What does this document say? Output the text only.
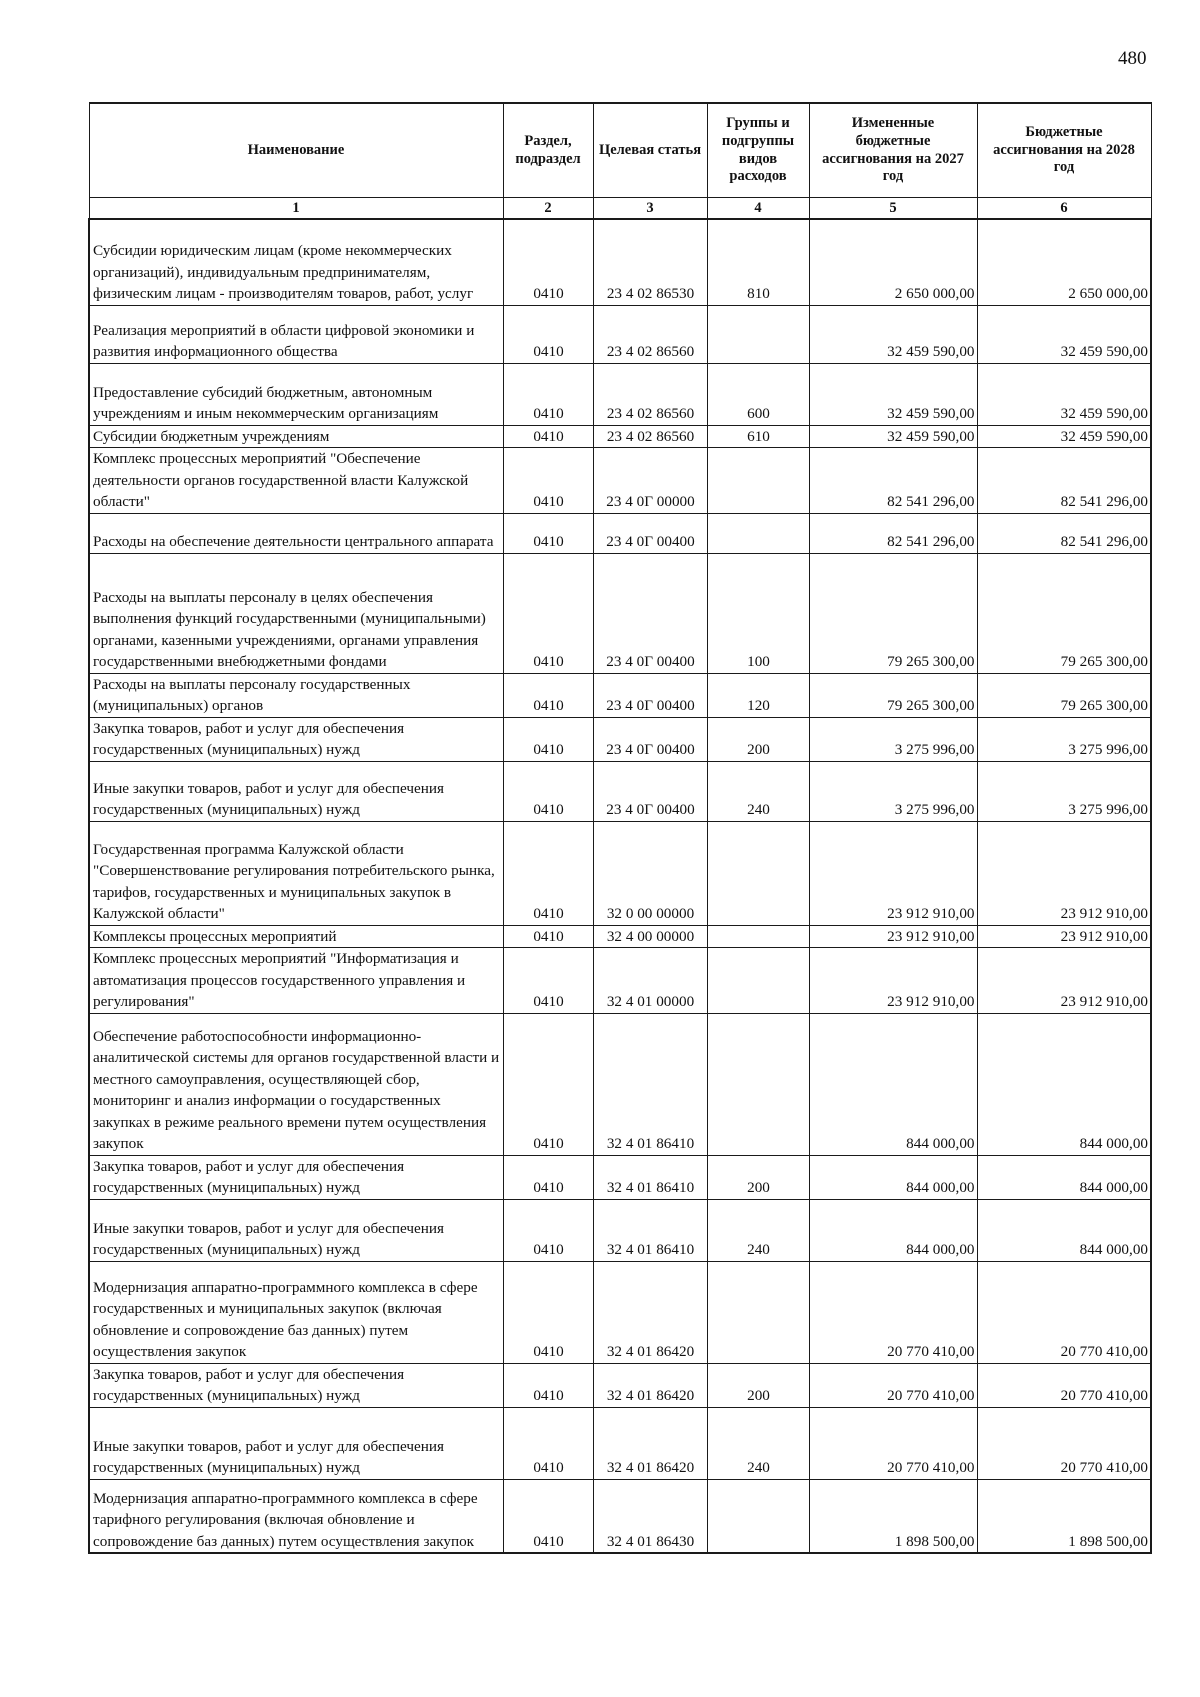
480
Наименование	Раздел, подраздел	Целевая статья	Группы и подгруппы видов расходов	Измененные бюджетные ассигнования на 2027 год	Бюджетные ассигнования на 2028 год
1	2	3	4	5	6
Субсидии юридическим лицам (кроме некоммерческих организаций), индивидуальным предпринимателям, физическим лицам - производителям товаров, работ, услуг	0410	23 4 02 86530	810	2 650 000,00	2 650 000,00
Реализация мероприятий в области цифровой экономики и развития информационного общества	0410	23 4 02 86560		32 459 590,00	32 459 590,00
Предоставление субсидий бюджетным, автономным учреждениям и иным некоммерческим организациям	0410	23 4 02 86560	600	32 459 590,00	32 459 590,00
Субсидии бюджетным учреждениям	0410	23 4 02 86560	610	32 459 590,00	32 459 590,00
Комплекс процессных мероприятий "Обеспечение деятельности органов государственной власти Калужской области"	0410	23 4 0Г 00000		82 541 296,00	82 541 296,00
Расходы на обеспечение деятельности центрального аппарата	0410	23 4 0Г 00400		82 541 296,00	82 541 296,00
Расходы на выплаты персоналу в целях обеспечения выполнения функций государственными (муниципальными) органами, казенными учреждениями, органами управления государственными внебюджетными фондами	0410	23 4 0Г 00400	100	79 265 300,00	79 265 300,00
Расходы на выплаты персоналу государственных (муниципальных) органов	0410	23 4 0Г 00400	120	79 265 300,00	79 265 300,00
Закупка товаров, работ и услуг для обеспечения государственных (муниципальных) нужд	0410	23 4 0Г 00400	200	3 275 996,00	3 275 996,00
Иные закупки товаров, работ и услуг для обеспечения государственных (муниципальных) нужд	0410	23 4 0Г 00400	240	3 275 996,00	3 275 996,00
Государственная программа Калужской области "Совершенствование регулирования потребительского рынка, тарифов, государственных и муниципальных закупок в Калужской области"	0410	32 0 00 00000		23 912 910,00	23 912 910,00
Комплексы процессных мероприятий	0410	32 4 00 00000		23 912 910,00	23 912 910,00
Комплекс процессных мероприятий "Информатизация и автоматизация процессов государственного управления и регулирования"	0410	32 4 01 00000		23 912 910,00	23 912 910,00
Обеспечение работоспособности информационно-аналитической системы для органов государственной власти и местного самоуправления, осуществляющей сбор, мониторинг и анализ информации о государственных закупках в режиме реального времени путем осуществления закупок	0410	32 4 01 86410		844 000,00	844 000,00
Закупка товаров, работ и услуг для обеспечения государственных (муниципальных) нужд	0410	32 4 01 86410	200	844 000,00	844 000,00
Иные закупки товаров, работ и услуг для обеспечения государственных (муниципальных) нужд	0410	32 4 01 86410	240	844 000,00	844 000,00
Модернизация аппаратно-программного комплекса в сфере государственных и муниципальных закупок (включая обновление и сопровождение баз данных) путем осуществления закупок	0410	32 4 01 86420		20 770 410,00	20 770 410,00
Закупка товаров, работ и услуг для обеспечения государственных (муниципальных) нужд	0410	32 4 01 86420	200	20 770 410,00	20 770 410,00
Иные закупки товаров, работ и услуг для обеспечения государственных (муниципальных) нужд	0410	32 4 01 86420	240	20 770 410,00	20 770 410,00
Модернизация аппаратно-программного комплекса в сфере тарифного регулирования (включая обновление и сопровождение баз данных) путем осуществления закупок	0410	32 4 01 86430		1 898 500,00	1 898 500,00
